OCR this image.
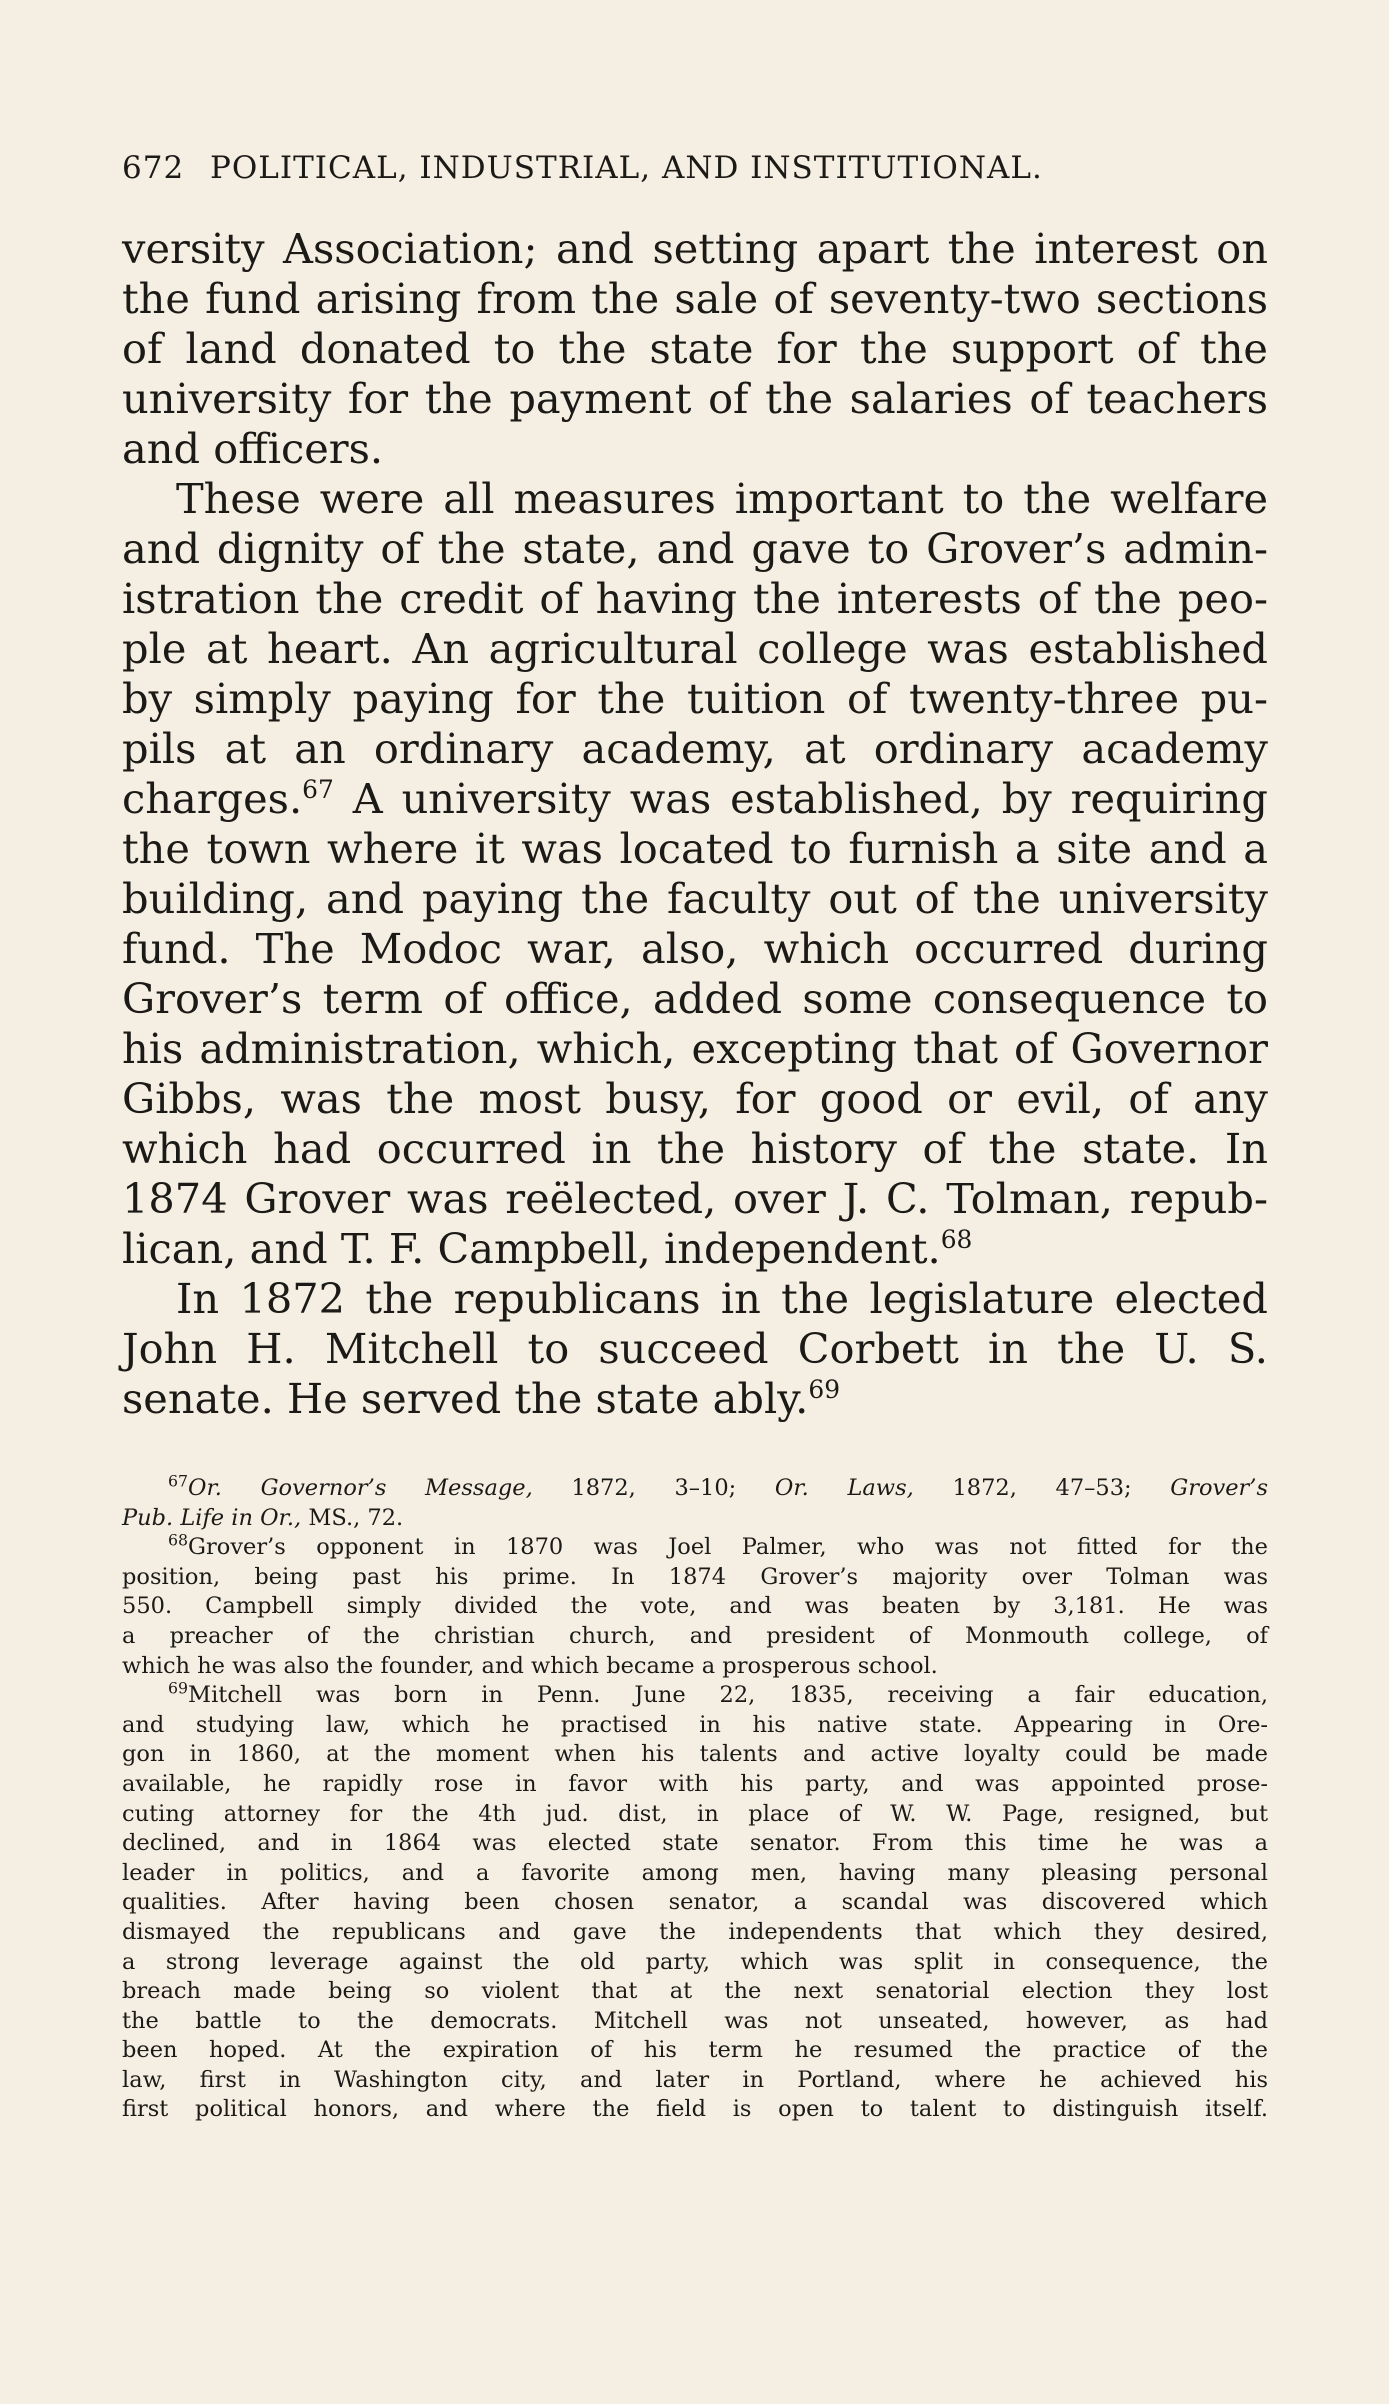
672 POLITICAL, INDUSTRIAL, AND INSTITUTIONAL.
versity Association; and setting apart the interest on
the fund arising from the sale of seventy-two sections
of land donated to the state for the support of the
university for the payment of the salaries of teachers
and officers.
These were all measures important to the welfare
and dignity of the state, and gave to Grover’s admin-
istration the credit of having the interests of the peo-
ple at heart. An agricultural college was established
by simply paying for the tuition of twenty-three pu-
pils at an ordinary academy, at ordinary academy
charges.$^{67}$ A university was established, by requiring
the town where it was located to furnish a site and a
building, and paying the faculty out of the university
fund. The Modoc war, also, which occurred during
Grover’s term of office, added some consequence to
his administration, which, excepting that of Governor
Gibbs, was the most busy, for good or evil, of any
which had occurred in the history of the state. In
1874 Grover was reëlected, over J. C. Tolman, repub-
lican, and T. F. Campbell, independent.$^{68}$
In 1872 the republicans in the legislature elected
John H. Mitchell to succeed Corbett in the U. S.
senate. He served the state ably.$^{69}$
$^{67}$Or. Governor’s Message, 1872, 3–10; Or. Laws, 1872, 47–53; Grover’s
Pub. Life in Or., MS., 72.
$^{68}$Grover’s opponent in 1870 was Joel Palmer, who was not fitted for the
position, being past his prime. In 1874 Grover’s majority over Tolman was
550. Campbell simply divided the vote, and was beaten by 3,181. He was
a preacher of the christian church, and president of Monmouth college, of
which he was also the founder, and which became a prosperous school.
$^{69}$Mitchell was born in Penn. June 22, 1835, receiving a fair education,
and studying law, which he practised in his native state. Appearing in Ore-
gon in 1860, at the moment when his talents and active loyalty could be made
available, he rapidly rose in favor with his party, and was appointed prose-
cuting attorney for the 4th jud. dist, in place of W. W. Page, resigned, but
declined, and in 1864 was elected state senator. From this time he was a
leader in politics, and a favorite among men, having many pleasing personal
qualities. After having been chosen senator, a scandal was discovered which
dismayed the republicans and gave the independents that which they desired,
a strong leverage against the old party, which was split in consequence, the
breach made being so violent that at the next senatorial election they lost
the battle to the democrats. Mitchell was not unseated, however, as had
been hoped. At the expiration of his term he resumed the practice of the
law, first in Washington city, and later in Portland, where he achieved his
first political honors, and where the field is open to talent to distinguish itself.
